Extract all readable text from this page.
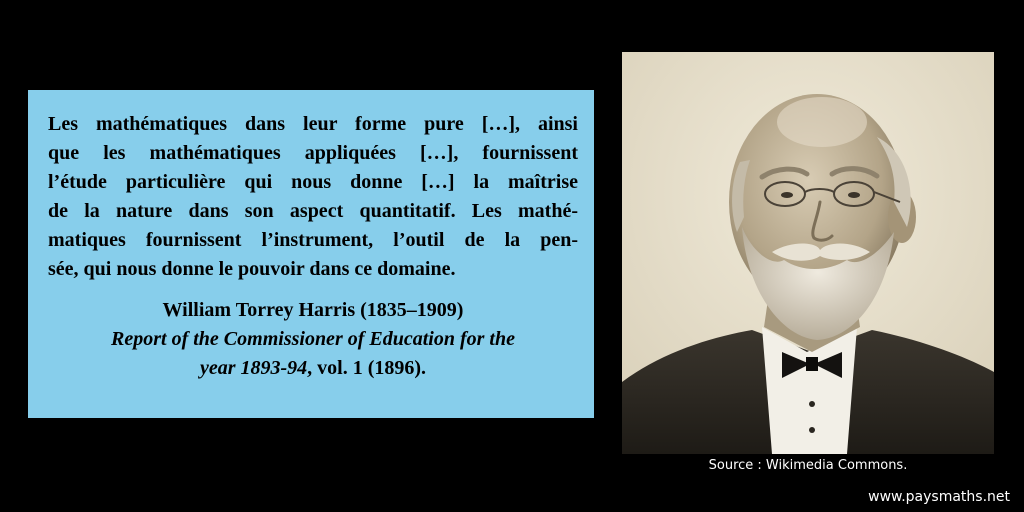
Les mathématiques dans leur forme pure […], ainsi
que les mathématiques appliquées […], fournissent
l’étude particulière qui nous donne […] la maîtrise
de la nature dans son aspect quantitatif. Les mathé-
matiques fournissent l’instrument, l’outil de la pen-
sée, qui nous donne le pouvoir dans ce domaine.
William Torrey Harris (1835–1909)
Report of the Commissioner of Education for the
year 1893-94, vol. 1 (1896).
Source : Wikimedia Commons.
www.paysmaths.net
